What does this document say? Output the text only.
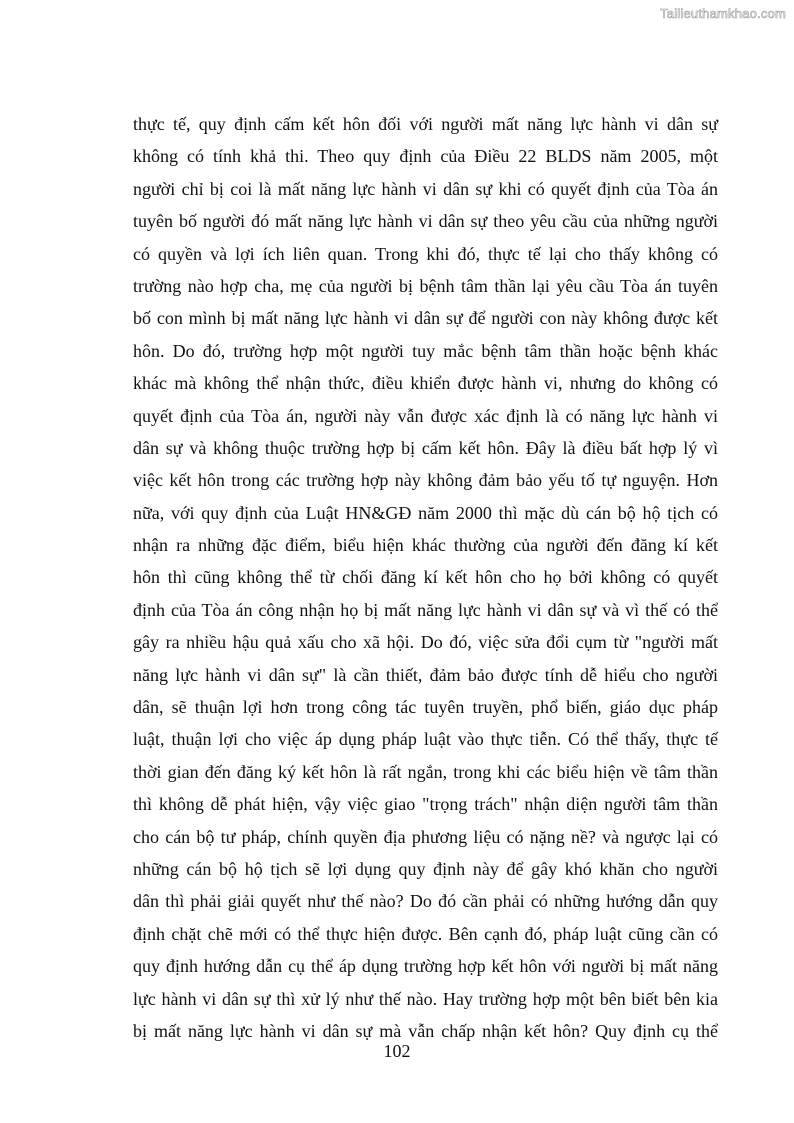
Tailieuthamkhao.com
thực tế, quy định cấm kết hôn đối với người mất năng lực hành vi dân sự
không có tính khả thi. Theo quy định của Điều 22 BLDS năm 2005, một
người chỉ bị coi là mất năng lực hành vi dân sự khi có quyết định của Tòa án
tuyên bố người đó mất năng lực hành vi dân sự theo yêu cầu của những người
có quyền và lợi ích liên quan. Trong khi đó, thực tế lại cho thấy không có
trường nào hợp cha, mẹ của người bị bệnh tâm thần lại yêu cầu Tòa án tuyên
bố con mình bị mất năng lực hành vi dân sự để người con này không được kết
hôn. Do đó, trường hợp một người tuy mắc bệnh tâm thần hoặc bệnh khác
khác mà không thể nhận thức, điều khiển được hành vi, nhưng do không có
quyết định của Tòa án, người này vẫn được xác định là có năng lực hành vi
dân sự và không thuộc trường hợp bị cấm kết hôn. Đây là điều bất hợp lý vì
việc kết hôn trong các trường hợp này không đảm bảo yếu tố tự nguyện. Hơn
nữa, với quy định của Luật HN&GĐ năm 2000 thì mặc dù cán bộ hộ tịch có
nhận ra những đặc điểm, biểu hiện khác thường của người đến đăng kí kết
hôn thì cũng không thể từ chối đăng kí kết hôn cho họ bởi không có quyết
định của Tòa án công nhận họ bị mất năng lực hành vi dân sự và vì thế có thể
gây ra nhiều hậu quả xấu cho xã hội. Do đó, việc sửa đổi cụm từ "người mất
năng lực hành vi dân sự" là cần thiết, đảm bảo được tính dễ hiểu cho người
dân, sẽ thuận lợi hơn trong công tác tuyên truyền, phổ biến, giáo dục pháp
luật, thuận lợi cho việc áp dụng pháp luật vào thực tiễn. Có thể thấy, thực tế
thời gian đến đăng ký kết hôn là rất ngắn, trong khi các biểu hiện về tâm thần
thì không dễ phát hiện, vậy việc giao "trọng trách" nhận diện người tâm thần
cho cán bộ tư pháp, chính quyền địa phương liệu có nặng nề? và ngược lại có
những cán bộ hộ tịch sẽ lợi dụng quy định này để gây khó khăn cho người
dân thì phải giải quyết như thế nào? Do đó cần phải có những hướng dẫn quy
định chặt chẽ mới có thể thực hiện được. Bên cạnh đó, pháp luật cũng cần có
quy định hướng dẫn cụ thể áp dụng trường hợp kết hôn với người bị mất năng
lực hành vi dân sự thì xử lý như thế nào. Hay trường hợp một bên biết bên kia
bị mất năng lực hành vi dân sự mà vẫn chấp nhận kết hôn? Quy định cụ thể
102
